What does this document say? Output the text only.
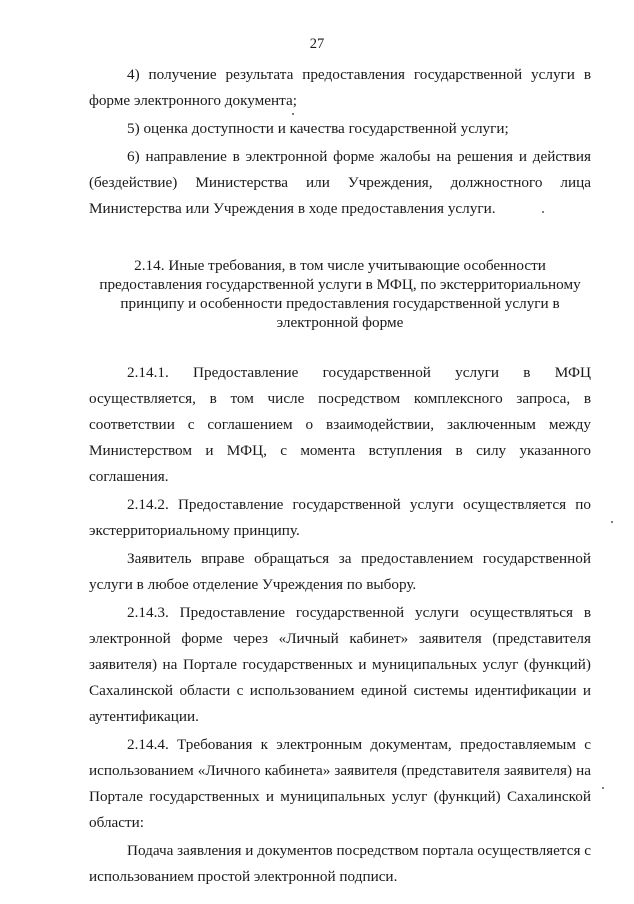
27

4) получение результата предоставления государственной услуги в форме электронного документа;

5) оценка доступности и качества государственной услуги;

6) направление в электронной форме жалобы на решения и действия (бездействие) Министерства или Учреждения, должностного лица Министерства или Учреждения в ходе предоставления услуги.

2.14. Иные требования, в том числе учитывающие особенности
предоставления государственной услуги в МФЦ, по экстерриториальному
принципу и особенности предоставления государственной услуги в
электронной форме

2.14.1. Предоставление государственной услуги в МФЦ осуществляется, в том числе посредством комплексного запроса, в соответствии с соглашением о взаимодействии, заключенным между Министерством и МФЦ, с момента вступления в силу указанного соглашения.

2.14.2. Предоставление государственной услуги осуществляется по экстерриториальному принципу.

Заявитель вправе обращаться за предоставлением государственной услуги в любое отделение Учреждения по выбору.

2.14.3. Предоставление государственной услуги осуществляться в электронной форме через «Личный кабинет» заявителя (представителя заявителя) на Портале государственных и муниципальных услуг (функций) Сахалинской области с использованием единой системы идентификации и аутентификации.

2.14.4. Требования к электронным документам, предоставляемым с использованием «Личного кабинета» заявителя (представителя заявителя) на Портале государственных и муниципальных услуг (функций) Сахалинской области:

Подача заявления и документов посредством портала осуществляется с использованием простой электронной подписи.
